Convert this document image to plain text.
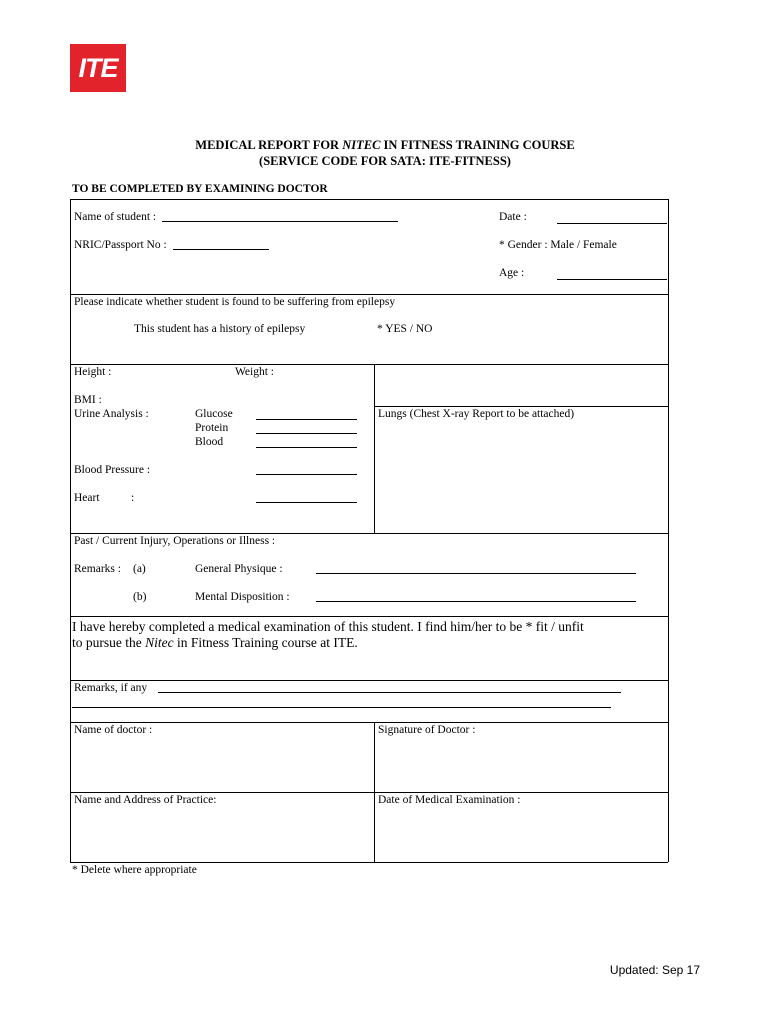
ITE
MEDICAL REPORT FOR NITEC IN FITNESS TRAINING COURSE
(SERVICE CODE FOR SATA: ITE-FITNESS)
TO BE COMPLETED BY EXAMINING DOCTOR
Name of student :	Date :
NRIC/Passport No :	* Gender : Male / Female
Age :
Please indicate whether student is found to be suffering from epilepsy
This student has a history of epilepsy	* YES / NO
Height :	Weight :
BMI :
Urine Analysis :	Glucose
Protein
Blood
Lungs (Chest X-ray Report to be attached)
Blood Pressure :
Heart	:
Past / Current Injury, Operations or Illness :
Remarks : (a)	General Physique :
(b)	Mental Disposition :
I have hereby completed a medical examination of this student. I find him/her to be * fit / unfit
to pursue the Nitec in Fitness Training course at ITE.
Remarks, if any
Name of doctor :	Signature of Doctor :
Name and Address of Practice:	Date of Medical Examination :
* Delete where appropriate
Updated: Sep 17
